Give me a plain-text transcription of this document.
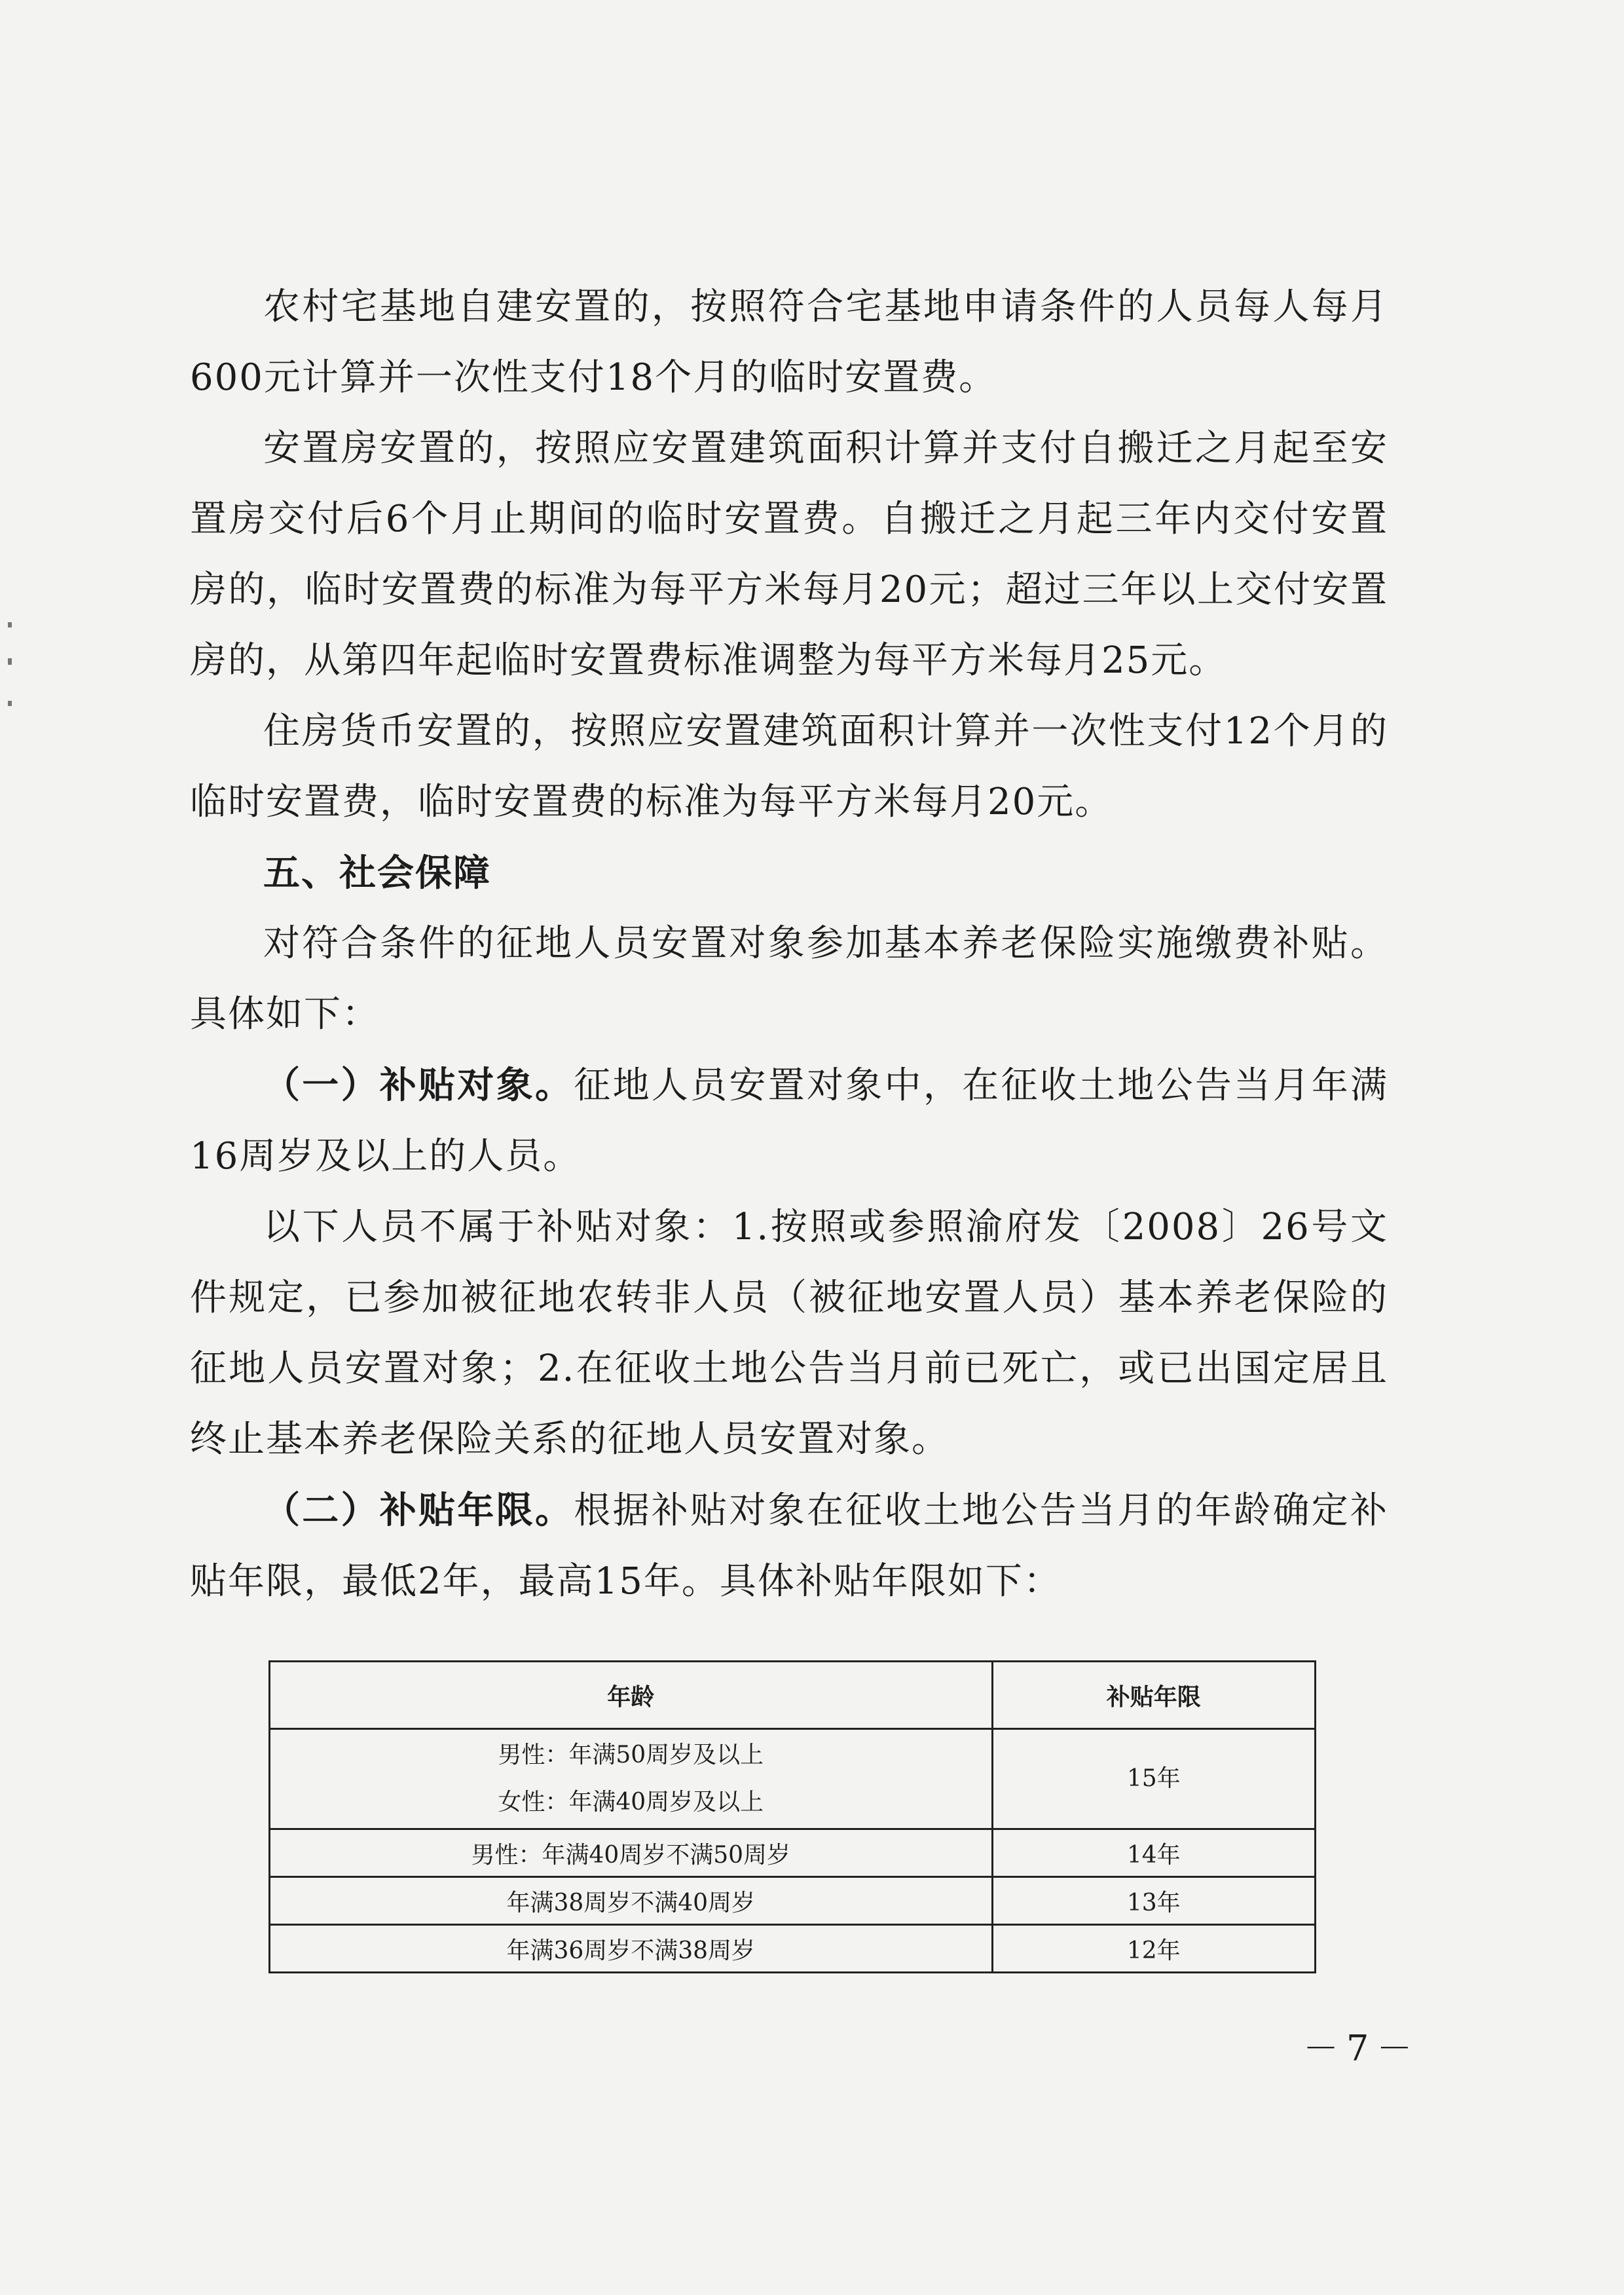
农村宅基地自建安置的，按照符合宅基地申请条件的人员每人每月600元计算并一次性支付18个月的临时安置费。

安置房安置的，按照应安置建筑面积计算并支付自搬迁之月起至安置房交付后6个月止期间的临时安置费。自搬迁之月起三年内交付安置房的，临时安置费的标准为每平方米每月20元；超过三年以上交付安置房的，从第四年起临时安置费标准调整为每平方米每月25元。

住房货币安置的，按照应安置建筑面积计算并一次性支付12个月的临时安置费，临时安置费的标准为每平方米每月20元。

五、社会保障

对符合条件的征地人员安置对象参加基本养老保险实施缴费补贴。具体如下：

（一）补贴对象。征地人员安置对象中，在征收土地公告当月年满16周岁及以上的人员。

以下人员不属于补贴对象：1.按照或参照渝府发〔2008〕26号文件规定，已参加被征地农转非人员（被征地安置人员）基本养老保险的征地人员安置对象；2.在征收土地公告当月前已死亡，或已出国定居且终止基本养老保险关系的征地人员安置对象。

（二）补贴年限。根据补贴对象在征收土地公告当月的年龄确定补贴年限，最低2年，最高15年。具体补贴年限如下：

年龄	补贴年限

男性：年满50周岁及以上
女性：年满40周岁及以上	15年
男性：年满40周岁不满50周岁	14年
年满38周岁不满40周岁	13年
年满36周岁不满38周岁	12年
－7－
